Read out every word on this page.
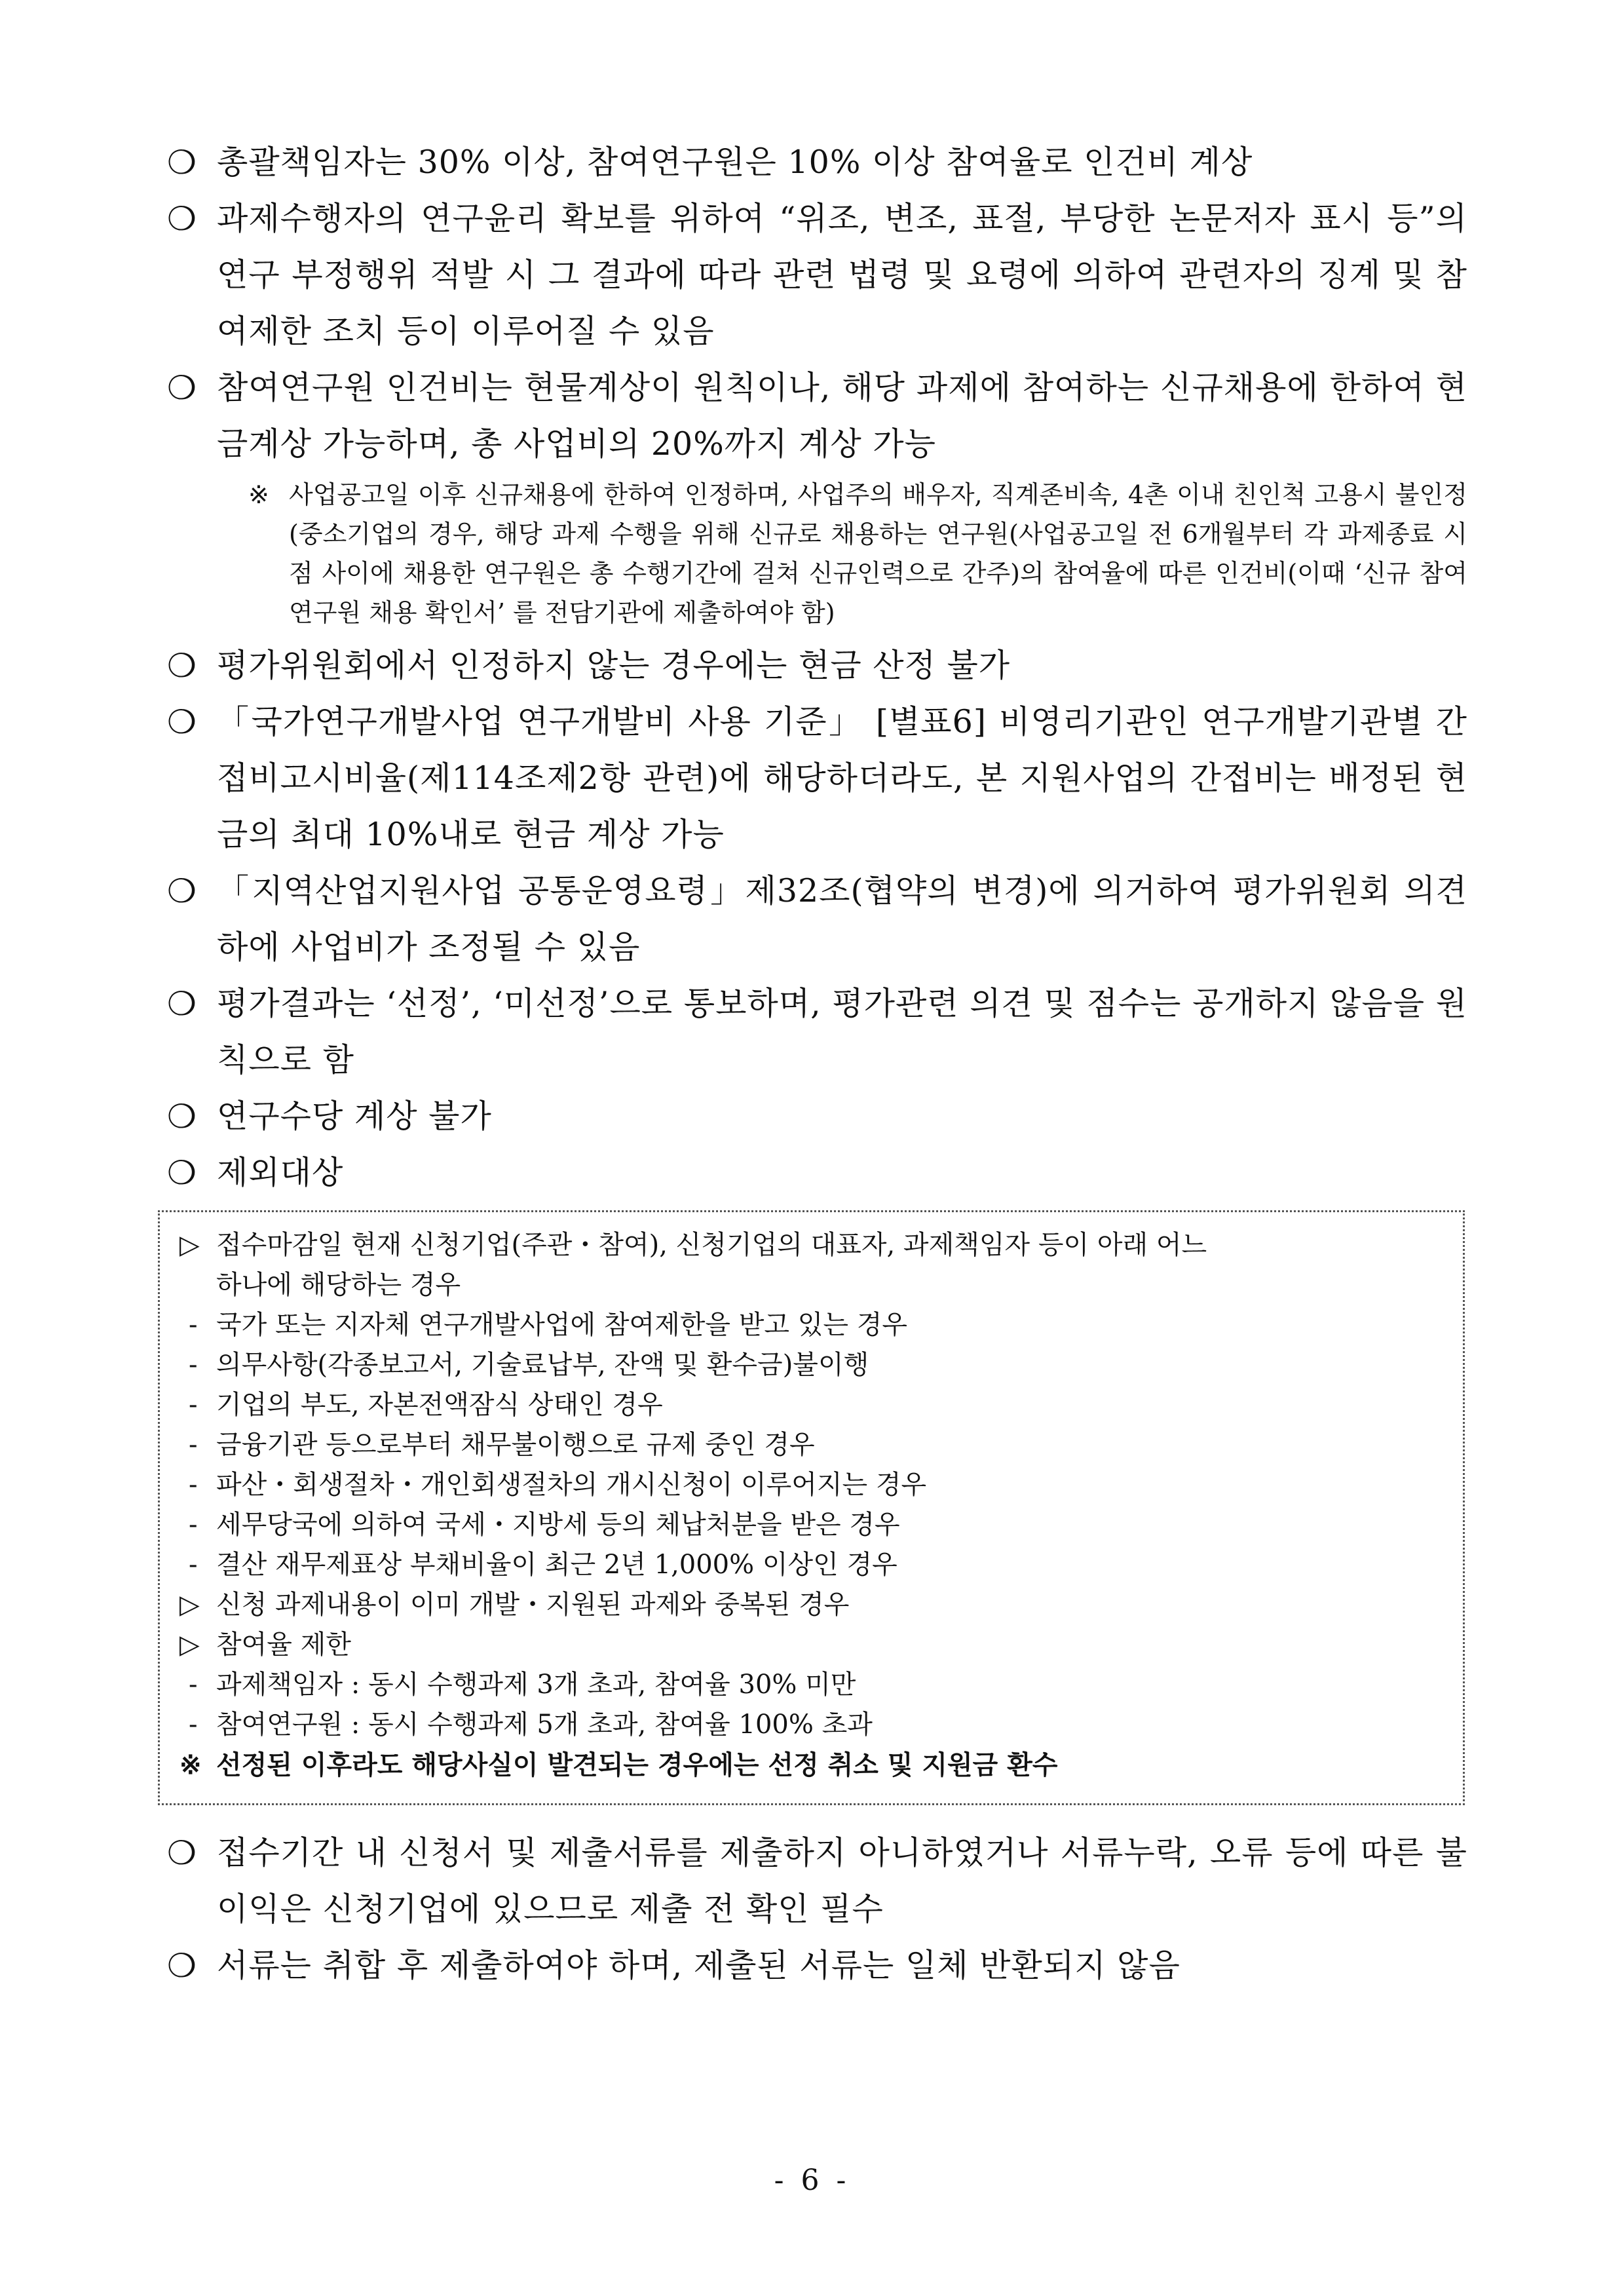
❍ 총괄책임자는 30% 이상, 참여연구원은 10% 이상 참여율로 인건비 계상
❍ 과제수행자의 연구윤리 확보를 위하여 “위조, 변조, 표절, 부당한 논문저자 표시 등”의 연구 부정행위 적발 시 그 결과에 따라 관련 법령 및 요령에 의하여 관련자의 징계 및 참여제한 조치 등이 이루어질 수 있음
❍ 참여연구원 인건비는 현물계상이 원칙이나, 해당 과제에 참여하는 신규채용에 한하여 현금계상 가능하며, 총 사업비의 20%까지 계상 가능
※ 사업공고일 이후 신규채용에 한하여 인정하며, 사업주의 배우자, 직계존비속, 4촌 이내 친인척 고용시 불인정(중소기업의 경우, 해당 과제 수행을 위해 신규로 채용하는 연구원(사업공고일 전 6개월부터 각 과제종료 시점 사이에 채용한 연구원은 총 수행기간에 걸쳐 신규인력으로 간주)의 참여율에 따른 인건비(이때 ‘신규 참여연구원 채용 확인서’ 를 전담기관에 제출하여야 함)
❍ 평가위원회에서 인정하지 않는 경우에는 현금 산정 불가
❍ 「국가연구개발사업 연구개발비 사용 기준」 [별표6] 비영리기관인 연구개발기관별 간접비고시비율(제114조제2항 관련)에 해당하더라도, 본 지원사업의 간접비는 배정된 현금의 최대 10%내로 현금 계상 가능
❍ 「지역산업지원사업 공통운영요령」제32조(협약의 변경)에 의거하여 평가위원회 의견 하에 사업비가 조정될 수 있음
❍ 평가결과는 ‘선정’, ‘미선정’으로 통보하며, 평가관련 의견 및 점수는 공개하지 않음을 원칙으로 함
❍ 연구수당 계상 불가
❍ 제외대상
▷ 접수마감일 현재 신청기업(주관・참여), 신청기업의 대표자, 과제책임자 등이 아래 어느
하나에 해당하는 경우
- 국가 또는 지자체 연구개발사업에 참여제한을 받고 있는 경우
- 의무사항(각종보고서, 기술료납부, 잔액 및 환수금)불이행
- 기업의 부도, 자본전액잠식 상태인 경우
- 금융기관 등으로부터 채무불이행으로 규제 중인 경우
- 파산・회생절차・개인회생절차의 개시신청이 이루어지는 경우
- 세무당국에 의하여 국세・지방세 등의 체납처분을 받은 경우
- 결산 재무제표상 부채비율이 최근 2년 1,000% 이상인 경우
▷ 신청 과제내용이 이미 개발・지원된 과제와 중복된 경우
▷ 참여율 제한
- 과제책임자 : 동시 수행과제 3개 초과, 참여율 30% 미만
- 참여연구원 : 동시 수행과제 5개 초과, 참여율 100% 초과
※ 선정된 이후라도 해당사실이 발견되는 경우에는 선정 취소 및 지원금 환수
❍ 접수기간 내 신청서 및 제출서류를 제출하지 아니하였거나 서류누락, 오류 등에 따른 불이익은 신청기업에 있으므로 제출 전 확인 필수
❍ 서류는 취합 후 제출하여야 하며, 제출된 서류는 일체 반환되지 않음
- 6 -
